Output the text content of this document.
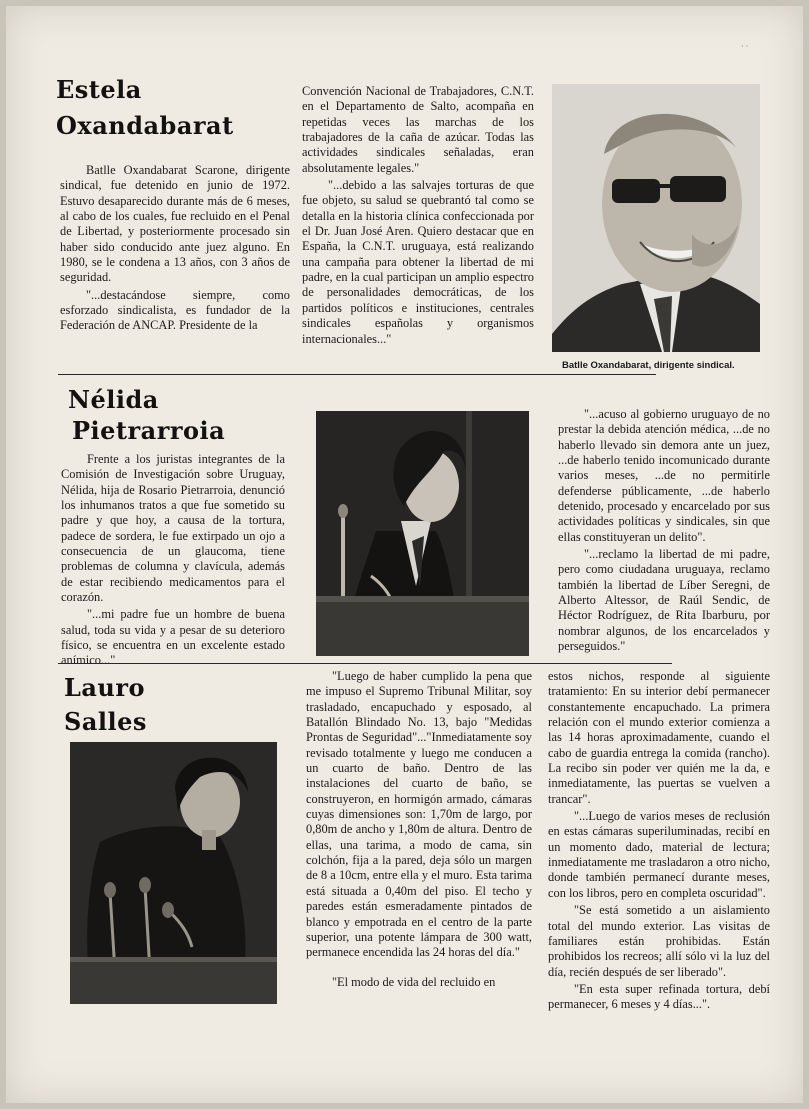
Estela
Oxandabarat

Batlle Oxandabarat Scarone, dirigente sindical, fue detenido en junio de 1972. Estuvo desaparecido durante más de 6 meses, al cabo de los cuales, fue recluido en el Penal de Libertad, y posteriormente procesado sin haber sido conducido ante juez alguno. En 1980, se le condena a 13 años, con 3 años de seguridad.

"...destacándose siempre, como esforzado sindicalista, es fundador de la Federación de ANCAP. Presidente de la

Convención Nacional de Trabajadores, C.N.T. en el Departamento de Salto, acompaña en repetidas veces las marchas de los trabajadores de la caña de azúcar. Todas las actividades sindicales señaladas, eran absolutamente legales."

"...debido a las salvajes torturas de que fue objeto, su salud se quebrantó tal como se detalla en la historia clínica confeccionada por el Dr. Juan José Aren. Quiero destacar que en España, la C.N.T. uruguaya, está realizando una campaña para obtener la libertad de mi padre, en la cual participan un amplio espectro de personalidades democráticas, de los partidos políticos e instituciones, centrales sindicales españolas y organismos internacionales..."

Batlle Oxandabarat, dirigente sindical.
Nélida
Pietrarroia

Frente a los juristas integrantes de la Comisión de Investigación sobre Uruguay, Nélida, hija de Rosario Pietrarroia, denunció los inhumanos tratos a que fue sometido su padre y que hoy, a causa de la tortura, padece de sordera, le fue extirpado un ojo a consecuencia de un glaucoma, tiene problemas de columna y clavícula, además de estar recibiendo medicamentos para el corazón.

"...mi padre fue un hombre de buena salud, toda su vida y a pesar de su deterioro físico, se encuentra en un excelente estado anímico..."

"...acuso al gobierno uruguayo de no prestar la debida atención médica, ...de no haberlo llevado sin demora ante un juez, ...de haberlo tenido incomunicado durante varios meses, ...de no permitirle defenderse públicamente, ...de haberlo detenido, procesado y encarcelado por sus actividades políticas y sindicales, sin que ellas constituyeran un delito".

"...reclamo la libertad de mi padre, pero como ciudadana uruguaya, reclamo también la libertad de Líber Seregni, de Alberto Altessor, de Raúl Sendic, de Héctor Rodríguez, de Rita Ibarburu, por nombrar algunos, de los encarcelados y perseguidos."

Lauro
Salles

"Luego de haber cumplido la pena que me impuso el Supremo Tribunal Militar, soy trasladado, encapuchado y esposado, al Batallón Blindado No. 13, bajo "Medidas Prontas de Seguridad"..."Inmediatamente soy revisado totalmente y luego me conducen a un cuarto de baño. Dentro de las instalaciones del cuarto de baño, se construyeron, en hormigón armado, cámaras cuyas dimensiones son: 1,70m de largo, por 0,80m de ancho y 1,80m de altura. Dentro de ellas, una tarima, a modo de cama, sin colchón, fija a la pared, deja sólo un margen de 8 a 10cm, entre ella y el muro. Esta tarima está situada a 0,40m del piso. El techo y paredes están esmeradamente pintados de blanco y empotrada en el centro de la parte superior, una potente lámpara de 300 watt, permanece encendida las 24 horas del día."

"El modo de vida del recluido en

estos nichos, responde al siguiente tratamiento: En su interior debí permanecer constantemente encapuchado. La primera relación con el mundo exterior comienza a las 14 horas aproximadamente, cuando el cabo de guardia entrega la comida (rancho). La recibo sin poder ver quién me la da, e inmediatamente, las puertas se vuelven a trancar".

"...Luego de varios meses de reclusión en estas cámaras superiluminadas, recibí en un momento dado, material de lectura; inmediatamente me trasladaron a otro nicho, donde también permanecí durante meses, con los libros, pero en completa oscuridad".

"Se está sometido a un aislamiento total del mundo exterior. Las visitas de familiares están prohibidas. Están prohibidos los recreos; allí sólo vi la luz del día, recién después de ser liberado".

"En esta super refinada tortura, debí permanecer, 6 meses y 4 días...".

· ·
